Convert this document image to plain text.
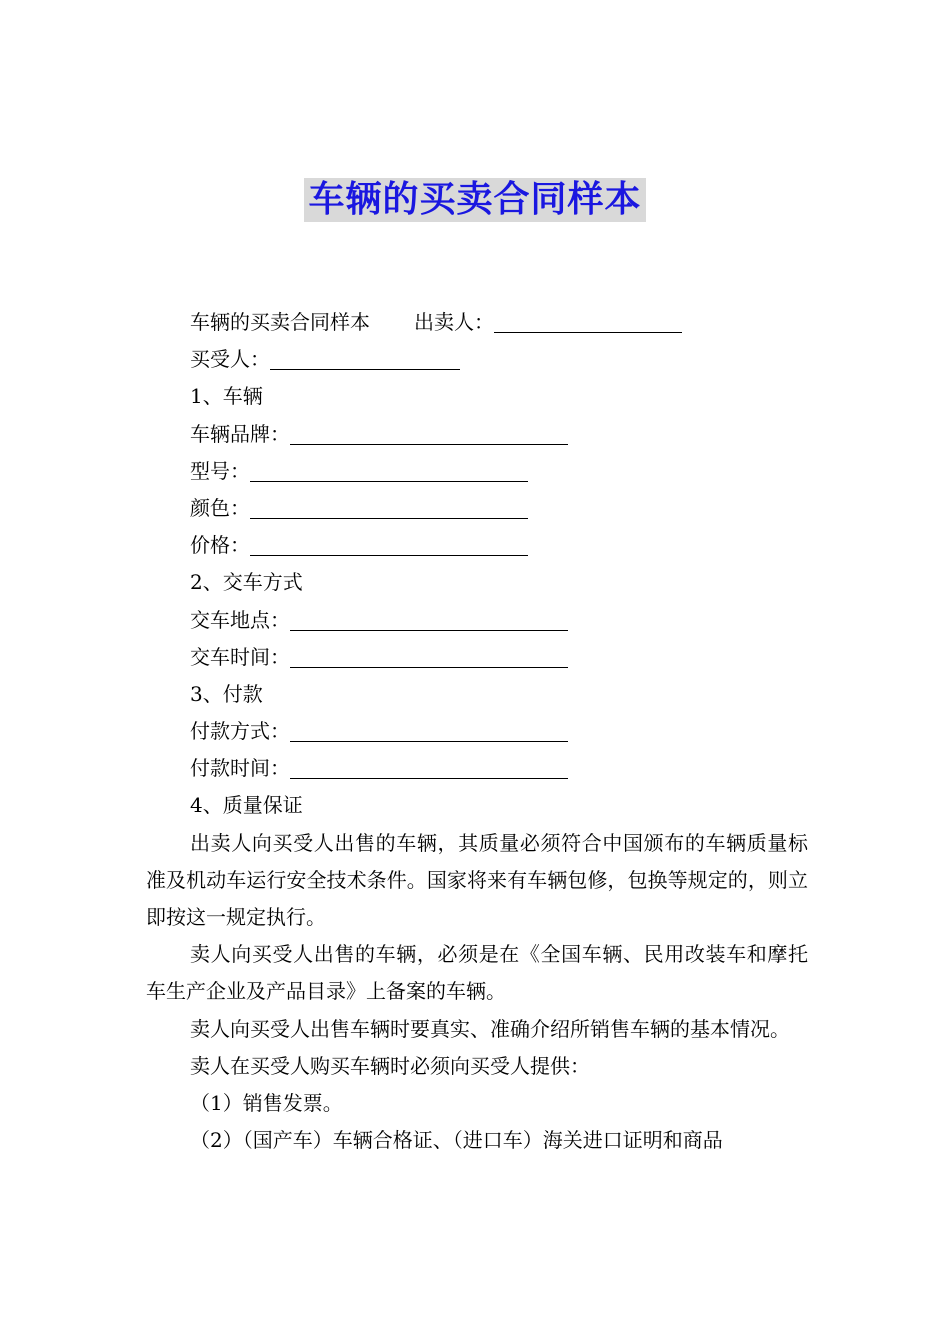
车辆的买卖合同样本
车辆的买卖合同样本 出卖人：
买受人：
1、车辆
车辆品牌：
型号：
颜色：
价格：
2、交车方式
交车地点：
交车时间：
3、付款
付款方式：
付款时间：
4、质量保证

出卖人向买受人出售的车辆，其质量必须符合中国颁布的车辆质量标准及机动车运行安全技术条件。国家将来有车辆包修，包换等规定的，则立即按这一规定执行。

卖人向买受人出售的车辆，必须是在《全国车辆、民用改装车和摩托车生产企业及产品目录》上备案的车辆。

卖人向买受人出售车辆时要真实、准确介绍所销售车辆的基本情况。

卖人在买受人购买车辆时必须向买受人提供：

（1）销售发票。

（2）（国产车）车辆合格证、（进口车）海关进口证明和商品
